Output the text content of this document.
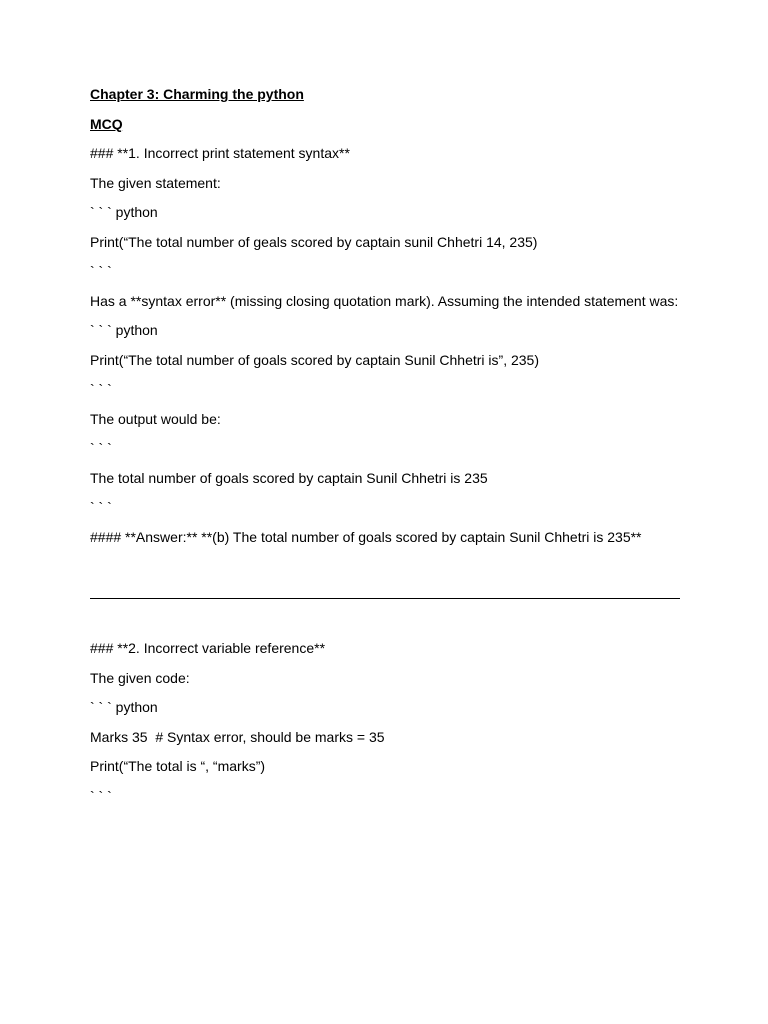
Chapter 3: Charming the python

MCQ

### **1. Incorrect print statement syntax**

The given statement:

` ` ` python

Print(“The total number of geals scored by captain sunil Chhetri 14, 235)

` ` `

Has a **syntax error** (missing closing quotation mark). Assuming the intended statement was:

` ` ` python

Print(“The total number of goals scored by captain Sunil Chhetri is”, 235)

` ` `

The output would be:

` ` `

The total number of goals scored by captain Sunil Chhetri is 235

` ` `

#### **Answer:** **(b) The total number of goals scored by captain Sunil Chhetri is 235**

### **2. Incorrect variable reference**

The given code:

` ` ` python

Marks 35  # Syntax error, should be marks = 35

Print(“The total is “, “marks”)

` ` `
